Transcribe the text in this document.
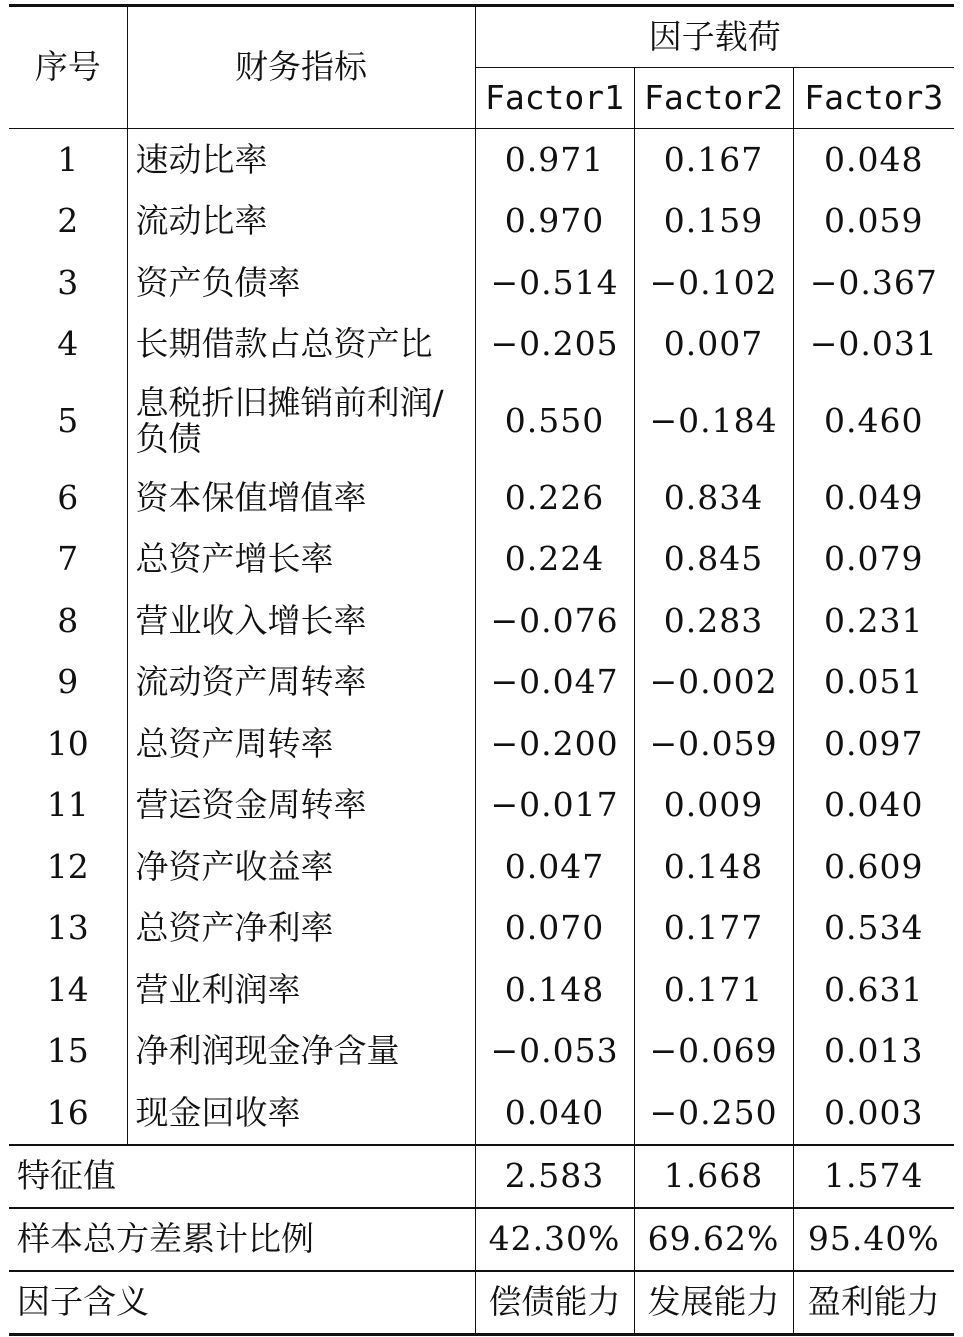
序号	财务指标	因子载荷		
		Factor1	Factor2	Factor3
1	速动比率	0.971	0.167	0.048
2	流动比率	0.970	0.159	0.059
3	资产负债率	−0.514	−0.102	−0.367
4	长期借款占总资产比	−0.205	0.007	−0.031
5	息税折旧摊销前利润/负债	0.550	−0.184	0.460
6	资本保值增值率	0.226	0.834	0.049
7	总资产增长率	0.224	0.845	0.079
8	营业收入增长率	−0.076	0.283	0.231
9	流动资产周转率	−0.047	−0.002	0.051
10	总资产周转率	−0.200	−0.059	0.097
11	营运资金周转率	−0.017	0.009	0.040
12	净资产收益率	0.047	0.148	0.609
13	总资产净利率	0.070	0.177	0.534
14	营业利润率	0.148	0.171	0.631
15	净利润现金净含量	−0.053	−0.069	0.013
16	现金回收率	0.040	−0.250	0.003
特征值		2.583	1.668	1.574
样本总方差累计比例		42.30%	69.62%	95.40%
因子含义		偿债能力	发展能力	盈利能力
